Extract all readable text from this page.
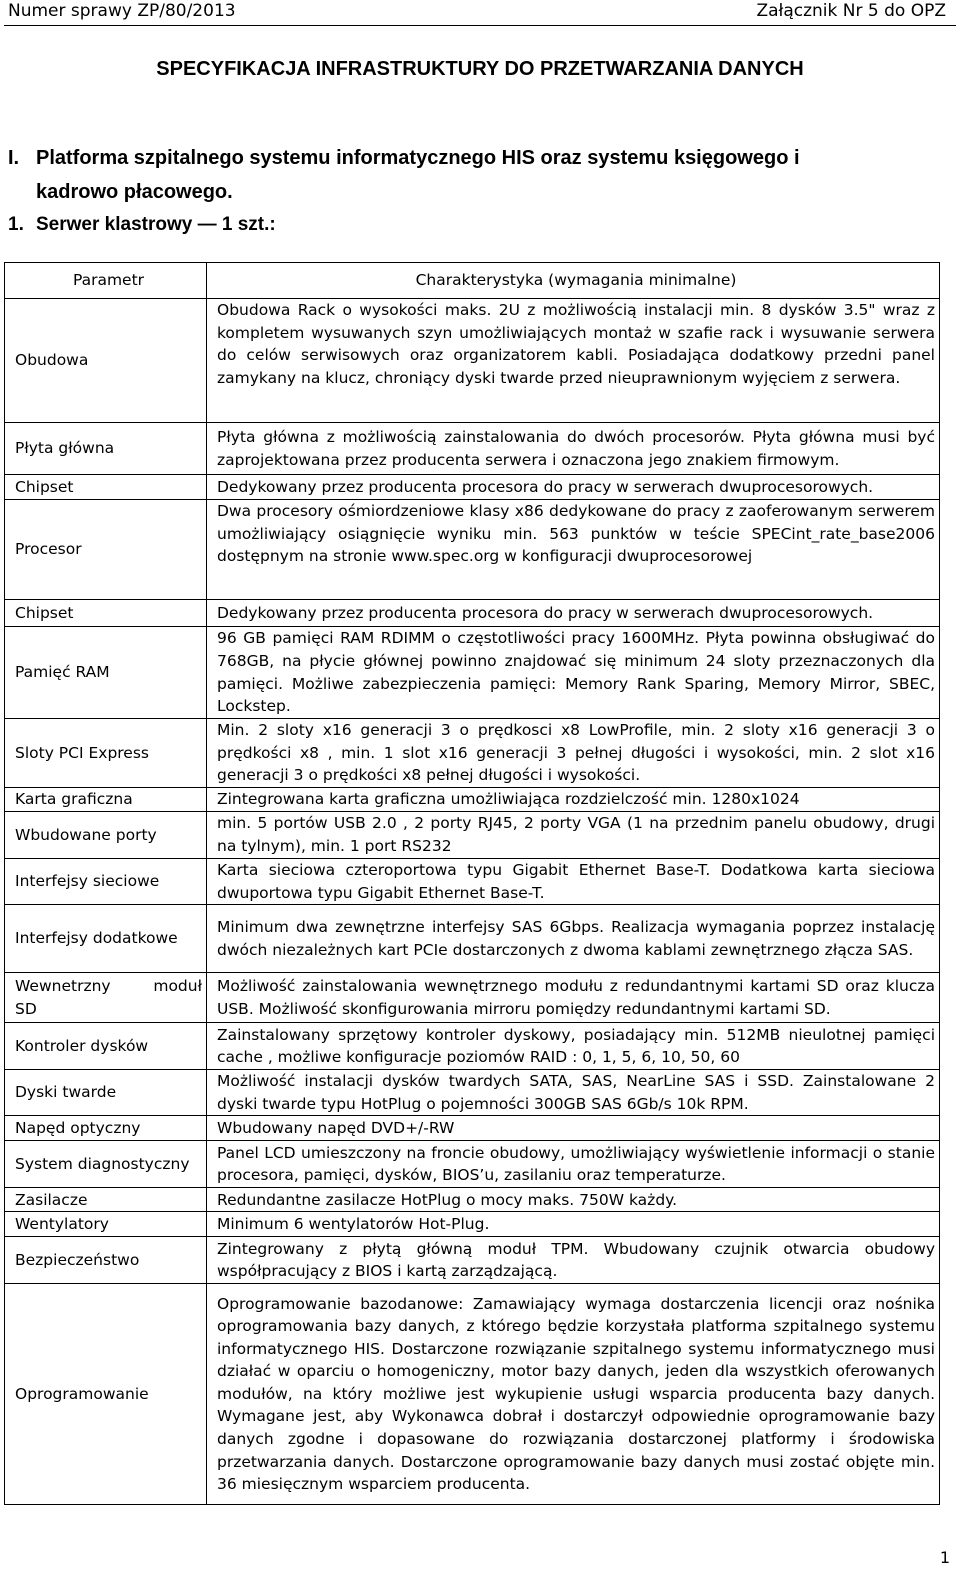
Numer sprawy ZP/80/2013	Załącznik Nr 5 do OPZ
SPECYFIKACJA INFRASTRUKTURY DO PRZETWARZANIA DANYCH
I. Platforma szpitalnego systemu informatycznego HIS oraz systemu księgowego i
kadrowo płacowego.
1. Serwer klastrowy — 1 szt.:
Parametr	Charakterystyka (wymagania minimalne)
Obudowa	Obudowa Rack o wysokości maks. 2U z możliwością instalacji min. 8 dysków 3.5" wraz z kompletem wysuwanych szyn umożliwiających montaż w szafie rack i wysuwanie serwera do celów serwisowych oraz organizatorem kabli. Posiadająca dodatkowy przedni panel zamykany na klucz, chroniący dyski twarde przed nieuprawnionym wyjęciem z serwera.
Płyta główna	Płyta główna z możliwością zainstalowania do dwóch procesorów. Płyta główna musi być zaprojektowana przez producenta serwera i oznaczona jego znakiem firmowym.
Chipset	Dedykowany przez producenta procesora do pracy w serwerach dwuprocesorowych.
Procesor	Dwa procesory ośmiordzeniowe klasy x86 dedykowane do pracy z zaoferowanym serwerem umożliwiający osiągnięcie wyniku min. 563 punktów w teście SPECint_rate_base2006 dostępnym na stronie www.spec.org w konfiguracji dwuprocesorowej
Chipset	Dedykowany przez producenta procesora do pracy w serwerach dwuprocesorowych.
Pamięć RAM	96 GB pamięci RAM RDIMM o częstotliwości pracy 1600MHz. Płyta powinna obsługiwać do 768GB, na płycie głównej powinno znajdować się minimum 24 sloty przeznaczonych dla pamięci. Możliwe zabezpieczenia pamięci: Memory Rank Sparing, Memory Mirror, SBEC, Lockstep.
Sloty PCI Express	Min. 2 sloty x16 generacji 3 o prędkosci x8 LowProfile, min. 2 sloty x16 generacji 3 o prędkości x8 , min. 1 slot x16 generacji 3 pełnej długości i wysokości, min. 2 slot x16 generacji 3 o prędkości x8 pełnej długości i wysokości.
Karta graficzna	Zintegrowana karta graficzna umożliwiająca rozdzielczość min. 1280x1024
Wbudowane porty	min. 5 portów USB 2.0 , 2 porty RJ45, 2 porty VGA (1 na przednim panelu obudowy, drugi na tylnym), min. 1 port RS232
Interfejsy sieciowe	Karta sieciowa czteroportowa typu Gigabit Ethernet Base-T. Dodatkowa karta sieciowa dwuportowa typu Gigabit Ethernet Base-T.
Interfejsy dodatkowe	Minimum dwa zewnętrzne interfejsy SAS 6Gbps. Realizacja wymagania poprzez instalację dwóch niezależnych kart PCIe dostarczonych z dwoma kablami zewnętrznego złącza SAS.

Wewnetrzny moduł
SD	Możliwość zainstalowania wewnętrznego modułu z redundantnymi kartami SD oraz klucza USB. Możliwość skonfigurowania mirroru pomiędzy redundantnymi kartami SD.
Kontroler dysków	Zainstalowany sprzętowy kontroler dyskowy, posiadający min. 512MB nieulotnej pamięci cache , możliwe konfiguracje poziomów RAID : 0, 1, 5, 6, 10, 50, 60
Dyski twarde	Możliwość instalacji dysków twardych SATA, SAS, NearLine SAS i SSD. Zainstalowane 2 dyski twarde typu HotPlug o pojemności 300GB SAS 6Gb/s 10k RPM.
Napęd optyczny	Wbudowany napęd DVD+/-RW
System diagnostyczny	Panel LCD umieszczony na froncie obudowy, umożliwiający wyświetlenie informacji o stanie procesora, pamięci, dysków, BIOS’u, zasilaniu oraz temperaturze.
Zasilacze	Redundantne zasilacze HotPlug o mocy maks. 750W każdy.
Wentylatory	Minimum 6 wentylatorów Hot-Plug.
Bezpieczeństwo	Zintegrowany z płytą główną moduł TPM. Wbudowany czujnik otwarcia obudowy współpracujący z BIOS i kartą zarządzającą.
Oprogramowanie	Oprogramowanie bazodanowe: Zamawiający wymaga dostarczenia licencji oraz nośnika oprogramowania bazy danych, z którego będzie korzystała platforma szpitalnego systemu informatycznego HIS. Dostarczone rozwiązanie szpitalnego systemu informatycznego musi działać w oparciu o homogeniczny, motor bazy danych, jeden dla wszystkich oferowanych modułów, na który możliwe jest wykupienie usługi wsparcia producenta bazy danych. Wymagane jest, aby Wykonawca dobrał i dostarczył odpowiednie oprogramowanie bazy danych zgodne i dopasowane do rozwiązania dostarczonej platformy i środowiska przetwarzania danych. Dostarczone oprogramowanie bazy danych musi zostać objęte min. 36 miesięcznym wsparciem producenta.
1
